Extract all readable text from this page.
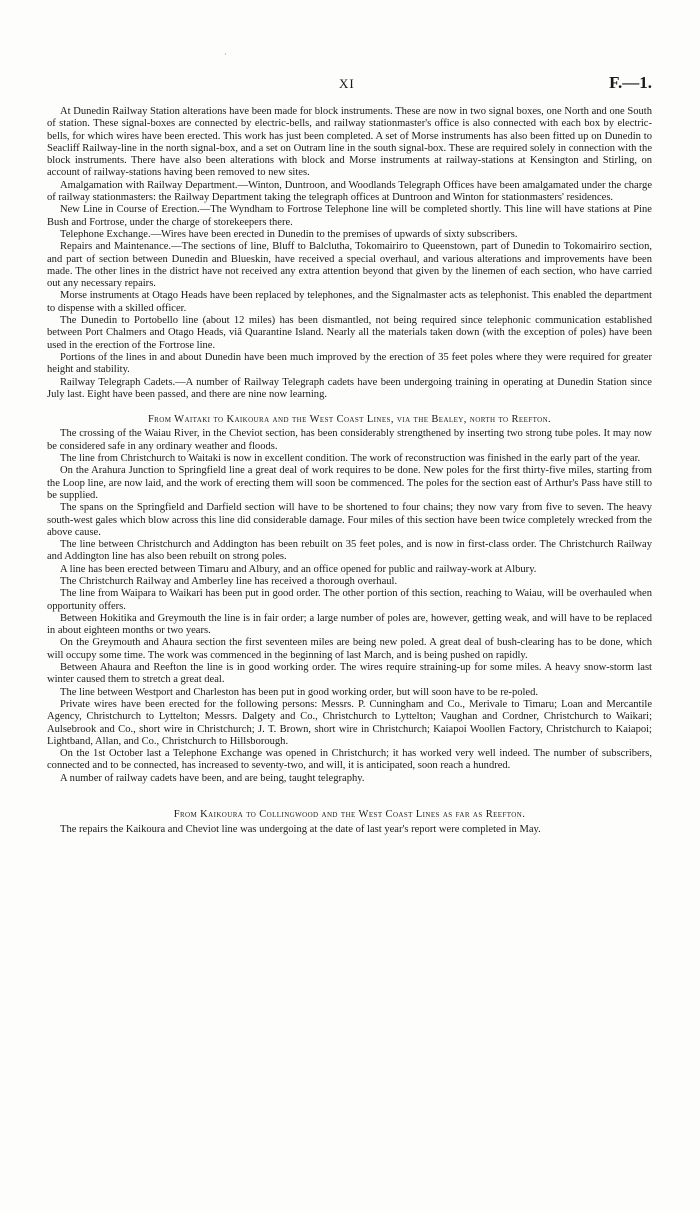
·
XI	F.—1.

At Dunedin Railway Station alterations have been made for block instruments. These are now in two signal boxes, one North and one South of station. These signal-boxes are connected by electric-bells, and railway stationmaster's office is also connected with each box by electric-bells, for which wires have been erected. This work has just been completed. A set of Morse instruments has also been fitted up on Dunedin to Seacliff Railway-line in the north signal-box, and a set on Outram line in the south signal-box. These are required solely in connection with the block instruments. There have also been alterations with block and Morse instruments at railway-stations at Kensington and Stirling, on account of railway-stations having been removed to new sites.

Amalgamation with Railway Department.—Winton, Duntroon, and Woodlands Telegraph Offices have been amalgamated under the charge of railway stationmasters: the Railway Department taking the telegraph offices at Duntroon and Winton for stationmasters' residences.

New Line in Course of Erection.—The Wyndham to Fortrose Telephone line will be completed shortly. This line will have stations at Pine Bush and Fortrose, under the charge of storekeepers there.

Telephone Exchange.—Wires have been erected in Dunedin to the premises of upwards of sixty subscribers.

Repairs and Maintenance.—The sections of line, Bluff to Balclutha, Tokomairiro to Queenstown, part of Dunedin to Tokomairiro section, and part of section between Dunedin and Blueskin, have received a special overhaul, and various alterations and improvements have been made. The other lines in the district have not received any extra attention beyond that given by the linemen of each section, who have carried out any necessary repairs.

Morse instruments at Otago Heads have been replaced by telephones, and the Signalmaster acts as telephonist. This enabled the department to dispense with a skilled officer.

The Dunedin to Portobello line (about 12 miles) has been dismantled, not being required since telephonic communication established between Port Chalmers and Otago Heads, viâ Quarantine Island. Nearly all the materials taken down (with the exception of poles) have been used in the erection of the Fortrose line.

Portions of the lines in and about Dunedin have been much improved by the erection of 35 feet poles where they were required for greater height and stability.

Railway Telegraph Cadets.—A number of Railway Telegraph cadets have been undergoing training in operating at Dunedin Station since July last. Eight have been passed, and there are nine now learning.

From Waitaki to Kaikoura and the West Coast Lines, via the Bealey, north to Reefton.

The crossing of the Waiau River, in the Cheviot section, has been considerably strengthened by inserting two strong tube poles. It may now be considered safe in any ordinary weather and floods.

The line from Christchurch to Waitaki is now in excellent condition. The work of reconstruction was finished in the early part of the year.

On the Arahura Junction to Springfield line a great deal of work requires to be done. New poles for the first thirty-five miles, starting from the Loop line, are now laid, and the work of erecting them will soon be commenced. The poles for the section east of Arthur's Pass have still to be supplied.

The spans on the Springfield and Darfield section will have to be shortened to four chains; they now vary from five to seven. The heavy south-west gales which blow across this line did considerable damage. Four miles of this section have been twice completely wrecked from the above cause.

The line between Christchurch and Addington has been rebuilt on 35 feet poles, and is now in first-class order. The Christchurch Railway and Addington line has also been rebuilt on strong poles.

A line has been erected between Timaru and Albury, and an office opened for public and railway-work at Albury.

The Christchurch Railway and Amberley line has received a thorough overhaul.

The line from Waipara to Waikari has been put in good order. The other portion of this section, reaching to Waiau, will be overhauled when opportunity offers.

Between Hokitika and Greymouth the line is in fair order; a large number of poles are, however, getting weak, and will have to be replaced in about eighteen months or two years.

On the Greymouth and Ahaura section the first seventeen miles are being new poled. A great deal of bush-clearing has to be done, which will occupy some time. The work was commenced in the beginning of last March, and is being pushed on rapidly.

Between Ahaura and Reefton the line is in good working order. The wires require straining-up for some miles. A heavy snow-storm last winter caused them to stretch a great deal.

The line between Westport and Charleston has been put in good working order, but will soon have to be re-poled.

Private wires have been erected for the following persons: Messrs. P. Cunningham and Co., Merivale to Timaru; Loan and Mercantile Agency, Christchurch to Lyttelton; Messrs. Dalgety and Co., Christchurch to Lyttelton; Vaughan and Cordner, Christchurch to Waikari; Aulsebrook and Co., short wire in Christchurch; J. T. Brown, short wire in Christchurch; Kaiapoi Woollen Factory, Christchurch to Kaiapoi; Lightband, Allan, and Co., Christchurch to Hillsborough.

On the 1st October last a Telephone Exchange was opened in Christchurch; it has worked very well indeed. The number of subscribers, connected and to be connected, has increased to seventy-two, and will, it is anticipated, soon reach a hundred.

A number of railway cadets have been, and are being, taught telegraphy.

From Kaikoura to Collingwood and the West Coast Lines as far as Reefton.

The repairs the Kaikoura and Cheviot line was undergoing at the date of last year's report were completed in May.
